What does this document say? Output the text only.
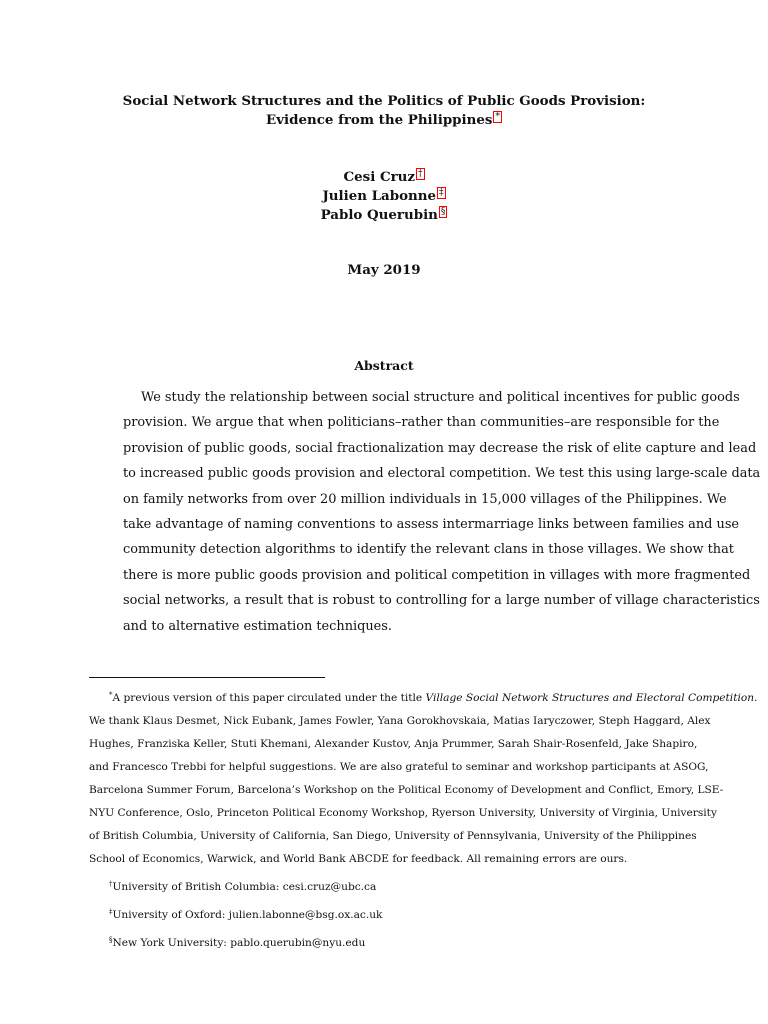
Social Network Structures and the Politics of Public Goods Provision:
Evidence from the Philippines *
Cesi Cruz †
Julien Labonne ‡
Pablo Querubin §
May 2019
Abstract
We study the relationship between social structure and political incentives for public goods
provision. We argue that when politicians–rather than communities–are responsible for the
provision of public goods, social fractionalization may decrease the risk of elite capture and lead
to increased public goods provision and electoral competition. We test this using large-scale data
on family networks from over 20 million individuals in 15,000 villages of the Philippines. We
take advantage of naming conventions to assess intermarriage links between families and use
community detection algorithms to identify the relevant clans in those villages. We show that
there is more public goods provision and political competition in villages with more fragmented
social networks, a result that is robust to controlling for a large number of village characteristics
and to alternative estimation techniques.
*A previous version of this paper circulated under the title Village Social Network Structures and Electoral Competition.
We thank Klaus Desmet, Nick Eubank, James Fowler, Yana Gorokhovskaia, Matias Iaryczower, Steph Haggard, Alex
Hughes, Franziska Keller, Stuti Khemani, Alexander Kustov, Anja Prummer, Sarah Shair-Rosenfeld, Jake Shapiro,
and Francesco Trebbi for helpful suggestions. We are also grateful to seminar and workshop participants at ASOG,
Barcelona Summer Forum, Barcelona’s Workshop on the Political Economy of Development and Conflict, Emory, LSE-
NYU Conference, Oslo, Princeton Political Economy Workshop, Ryerson University, University of Virginia, University
of British Columbia, University of California, San Diego, University of Pennsylvania, University of the Philippines
School of Economics, Warwick, and World Bank ABCDE for feedback. All remaining errors are ours.
†University of British Columbia: cesi.cruz@ubc.ca
‡University of Oxford: julien.labonne@bsg.ox.ac.uk
§New York University: pablo.querubin@nyu.edu
